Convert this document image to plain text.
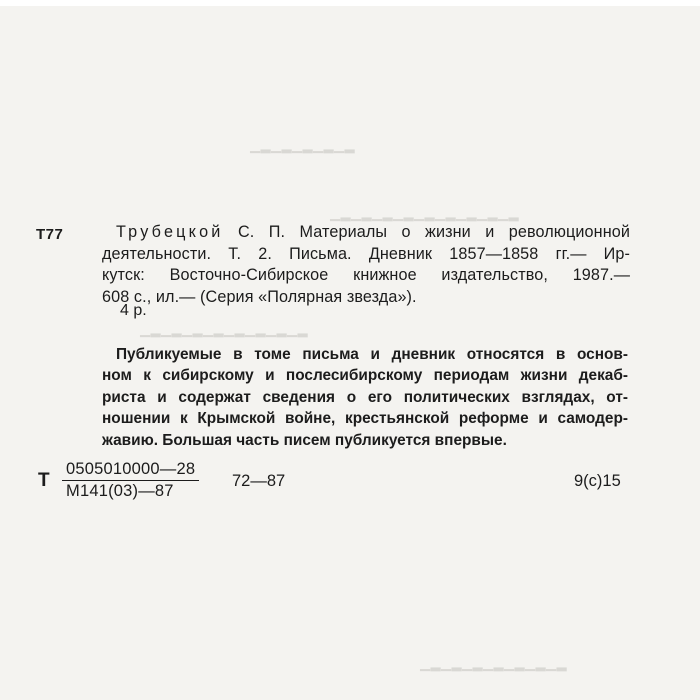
▁▂▁▂▁▂▁▂▁▂
▁▂▁▂▁▂▁▂▁▂▁▂▁▂▁▂▁▂
▁▂▁▂▁▂▁▂▁▂▁▂▁▂▁▂
▁▂▁▂▁▂▁▂▁▂▁▂▁▂
Т77	Трубецкой С. П. Материалы о жизни и революционной
деятельности. Т. 2. Письма. Дневник 1857—1858 гг.— Ир-
кутск: Восточно-Сибирское книжное издательство, 1987.—
608 с., ил.— (Серия «Полярная звезда»).
4 р.
Публикуемые в томе письма и дневник относятся в основ-
ном к сибирскому и послесибирскому периодам жизни декаб-
риста и содержат сведения о его политических взглядах, от-
ношении к Крымской войне, крестьянской реформе и самодер-
жавию. Большая часть писем публикуется впервые.
Т
0505010000—28
М141(03)—87
72—87	9(с)15
